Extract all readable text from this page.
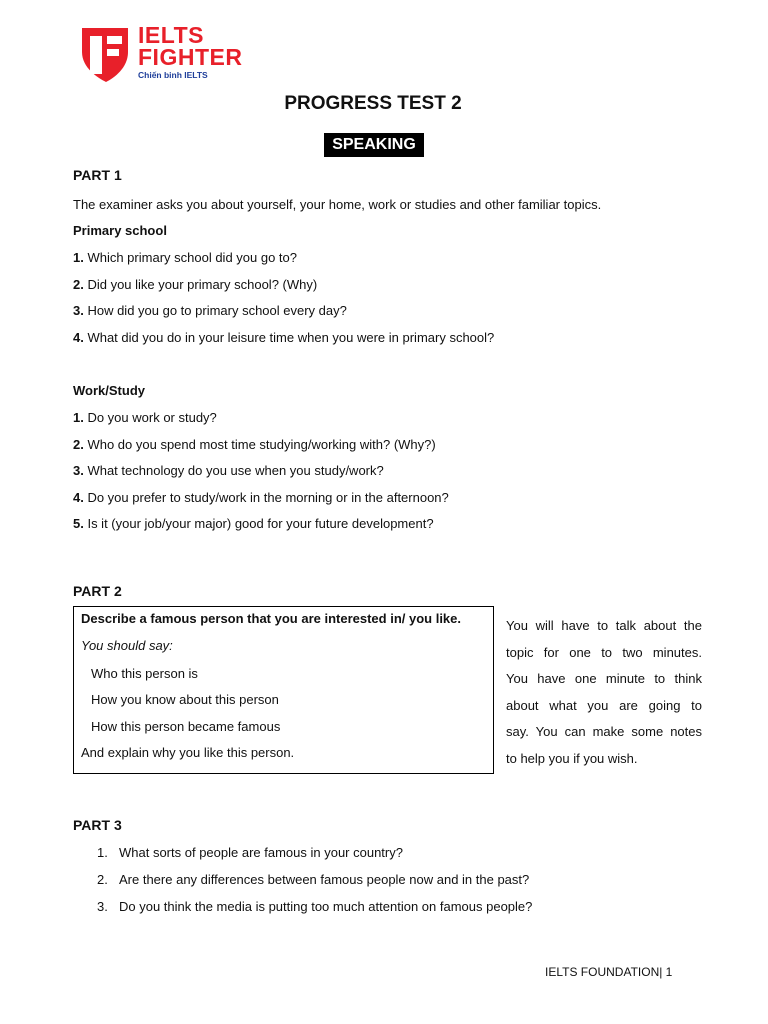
IELTS
FIGHTER
Chiến binh IELTS
PROGRESS TEST 2
SPEAKING
PART 1
The examiner asks you about yourself, your home, work or studies and other familiar topics.
Primary school
1. Which primary school did you go to?
2. Did you like your primary school? (Why)
3. How did you go to primary school every day?
4. What did you do in your leisure time when you were in primary school?
Work/Study
1. Do you work or study?
2. Who do you spend most time studying/working with? (Why?)
3. What technology do you use when you study/work?
4. Do you prefer to study/work in the morning or in the afternoon?
5. Is it (your job/your major) good for your future development?
PART 2
Describe a famous person that you are interested in/ you like.
You should say:
Who this person is
How you know about this person
How this person became famous
And explain why you like this person.
You will have to talk about the
topic for one to two minutes.
You have one minute to think
about what you are going to
say. You can make some notes
to help you if you wish.
PART 3
1. What sorts of people are famous in your country?
2. Are there any differences between famous people now and in the past?
3. Do you think the media is putting too much attention on famous people?
IELTS FOUNDATION| 1
